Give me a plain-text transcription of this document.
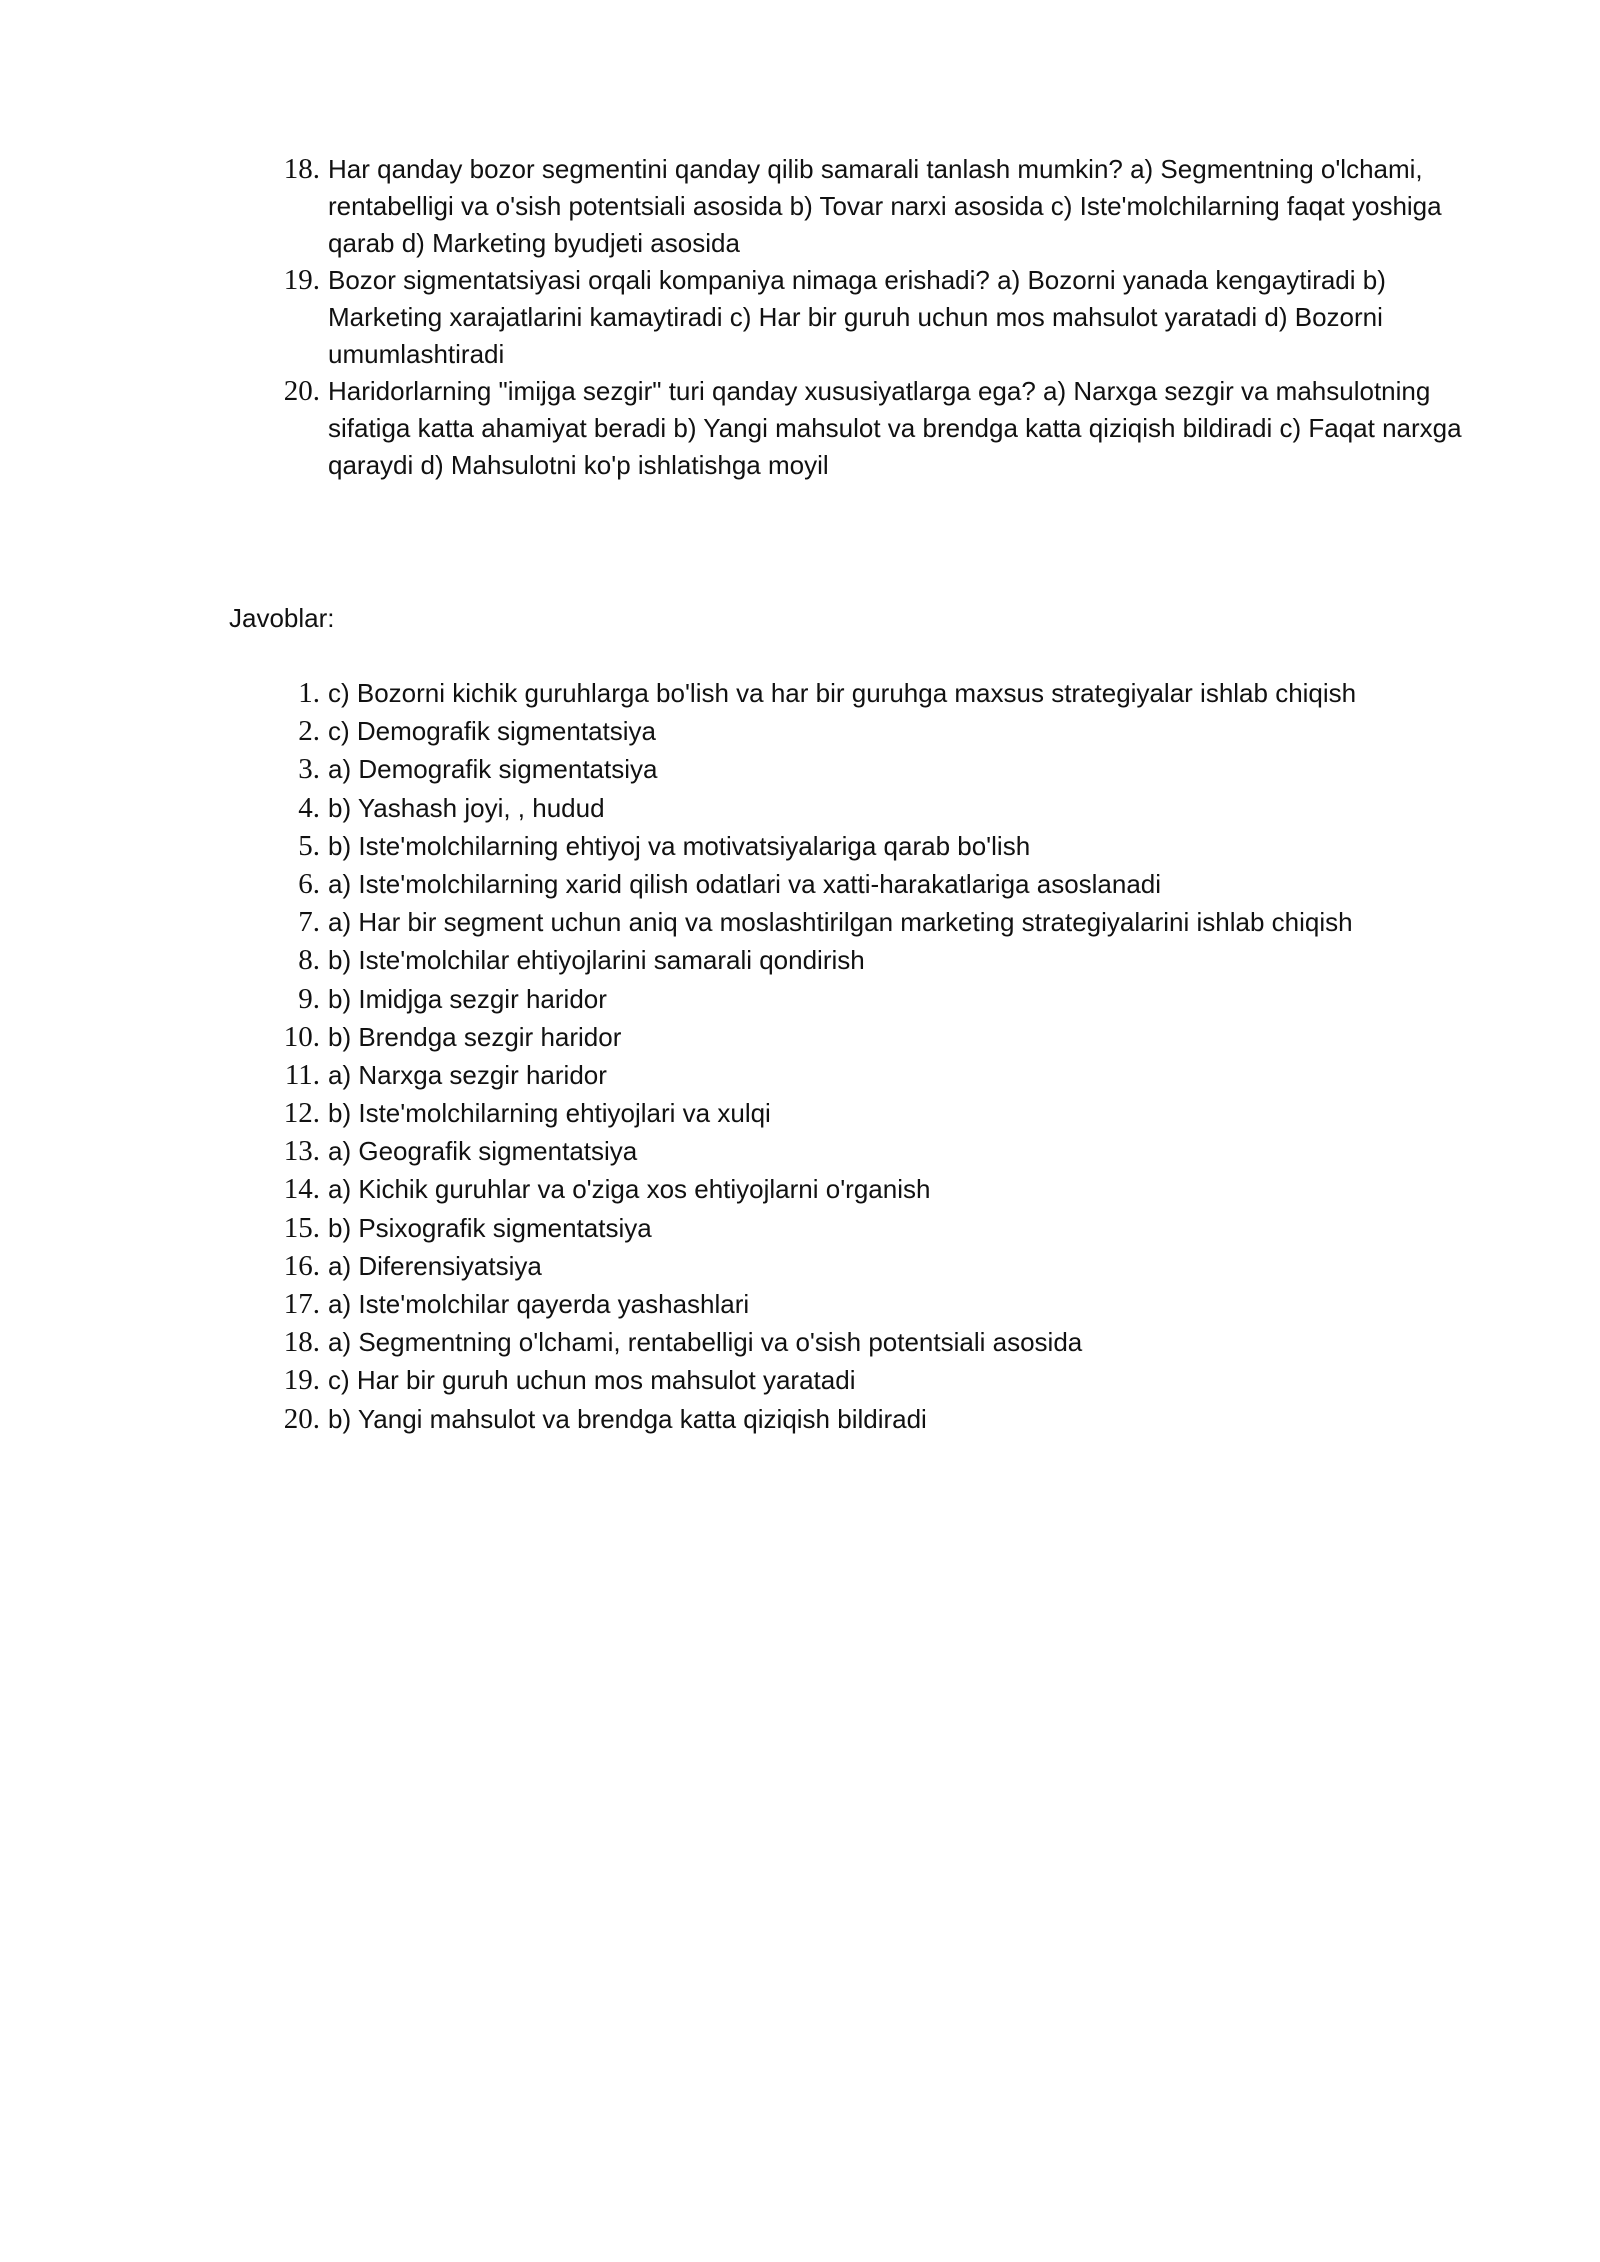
18. Har qanday bozor segmentini qanday qilib samarali tanlash mumkin? a) Segmentning o'lchami, rentabelligi va o'sish potentsiali asosida b) Tovar narxi asosida c) Iste'molchilarning faqat yoshiga qarab d) Marketing byudjeti asosida
19. Bozor sigmentatsiyasi orqali kompaniya nimaga erishadi? a) Bozorni yanada kengaytiradi b) Marketing xarajatlarini kamaytiradi c) Har bir guruh uchun mos mahsulot yaratadi d) Bozorni umumlashtiradi
20. Haridorlarning "imijga sezgir" turi qanday xususiyatlarga ega? a) Narxga sezgir va mahsulotning sifatiga katta ahamiyat beradi b) Yangi mahsulot va brendga katta qiziqish bildiradi c) Faqat narxga qaraydi d) Mahsulotni ko'p ishlatishga moyil
Javoblar:
1. c) Bozorni kichik guruhlarga bo'lish va har bir guruhga maxsus strategiyalar ishlab chiqish
2. c) Demografik sigmentatsiya
3. a) Demografik sigmentatsiya
4. b) Yashash joyi, , hudud
5. b) Iste'molchilarning ehtiyoj va motivatsiyalariga qarab bo'lish
6. a) Iste'molchilarning xarid qilish odatlari va xatti-harakatlariga asoslanadi
7. a) Har bir segment uchun aniq va moslashtirilgan marketing strategiyalarini ishlab chiqish
8. b) Iste'molchilar ehtiyojlarini samarali qondirish
9. b) Imidjga sezgir haridor
10. b) Brendga sezgir haridor
11. a) Narxga sezgir haridor
12. b) Iste'molchilarning ehtiyojlari va xulqi
13. a) Geografik sigmentatsiya
14. a) Kichik guruhlar va o'ziga xos ehtiyojlarni o'rganish
15. b) Psixografik sigmentatsiya
16. a) Diferensiyatsiya
17. a) Iste'molchilar qayerda yashashlari
18. a) Segmentning o'lchami, rentabelligi va o'sish potentsiali asosida
19. c) Har bir guruh uchun mos mahsulot yaratadi
20. b) Yangi mahsulot va brendga katta qiziqish bildiradi
